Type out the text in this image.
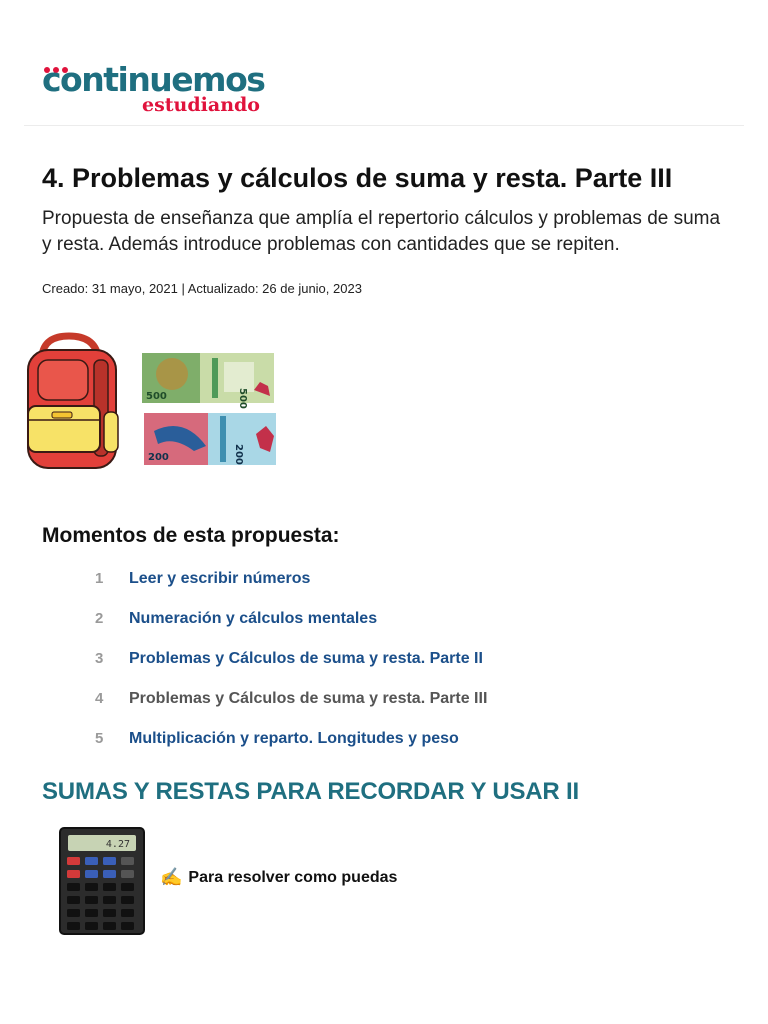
continuemos
estudiando
4. Problemas y cálculos de suma y resta. Parte III

Propuesta de enseñanza que amplía el repertorio cálculos y problemas de suma y resta. Además introduce problemas con cantidades que se repiten.

Creado: 31 mayo, 2021 | Actualizado: 26 de junio, 2023
500	500
200	200
Momentos de esta propuesta:
1	Leer y escribir números
2	Numeración y cálculos mentales
3	Problemas y Cálculos de suma y resta. Parte II
4	Problemas y Cálculos de suma y resta. Parte III
5	Multiplicación y reparto. Longitudes y peso
SUMAS Y RESTAS PARA RECORDAR Y USAR II
4.27
✍ Para resolver como puedas
